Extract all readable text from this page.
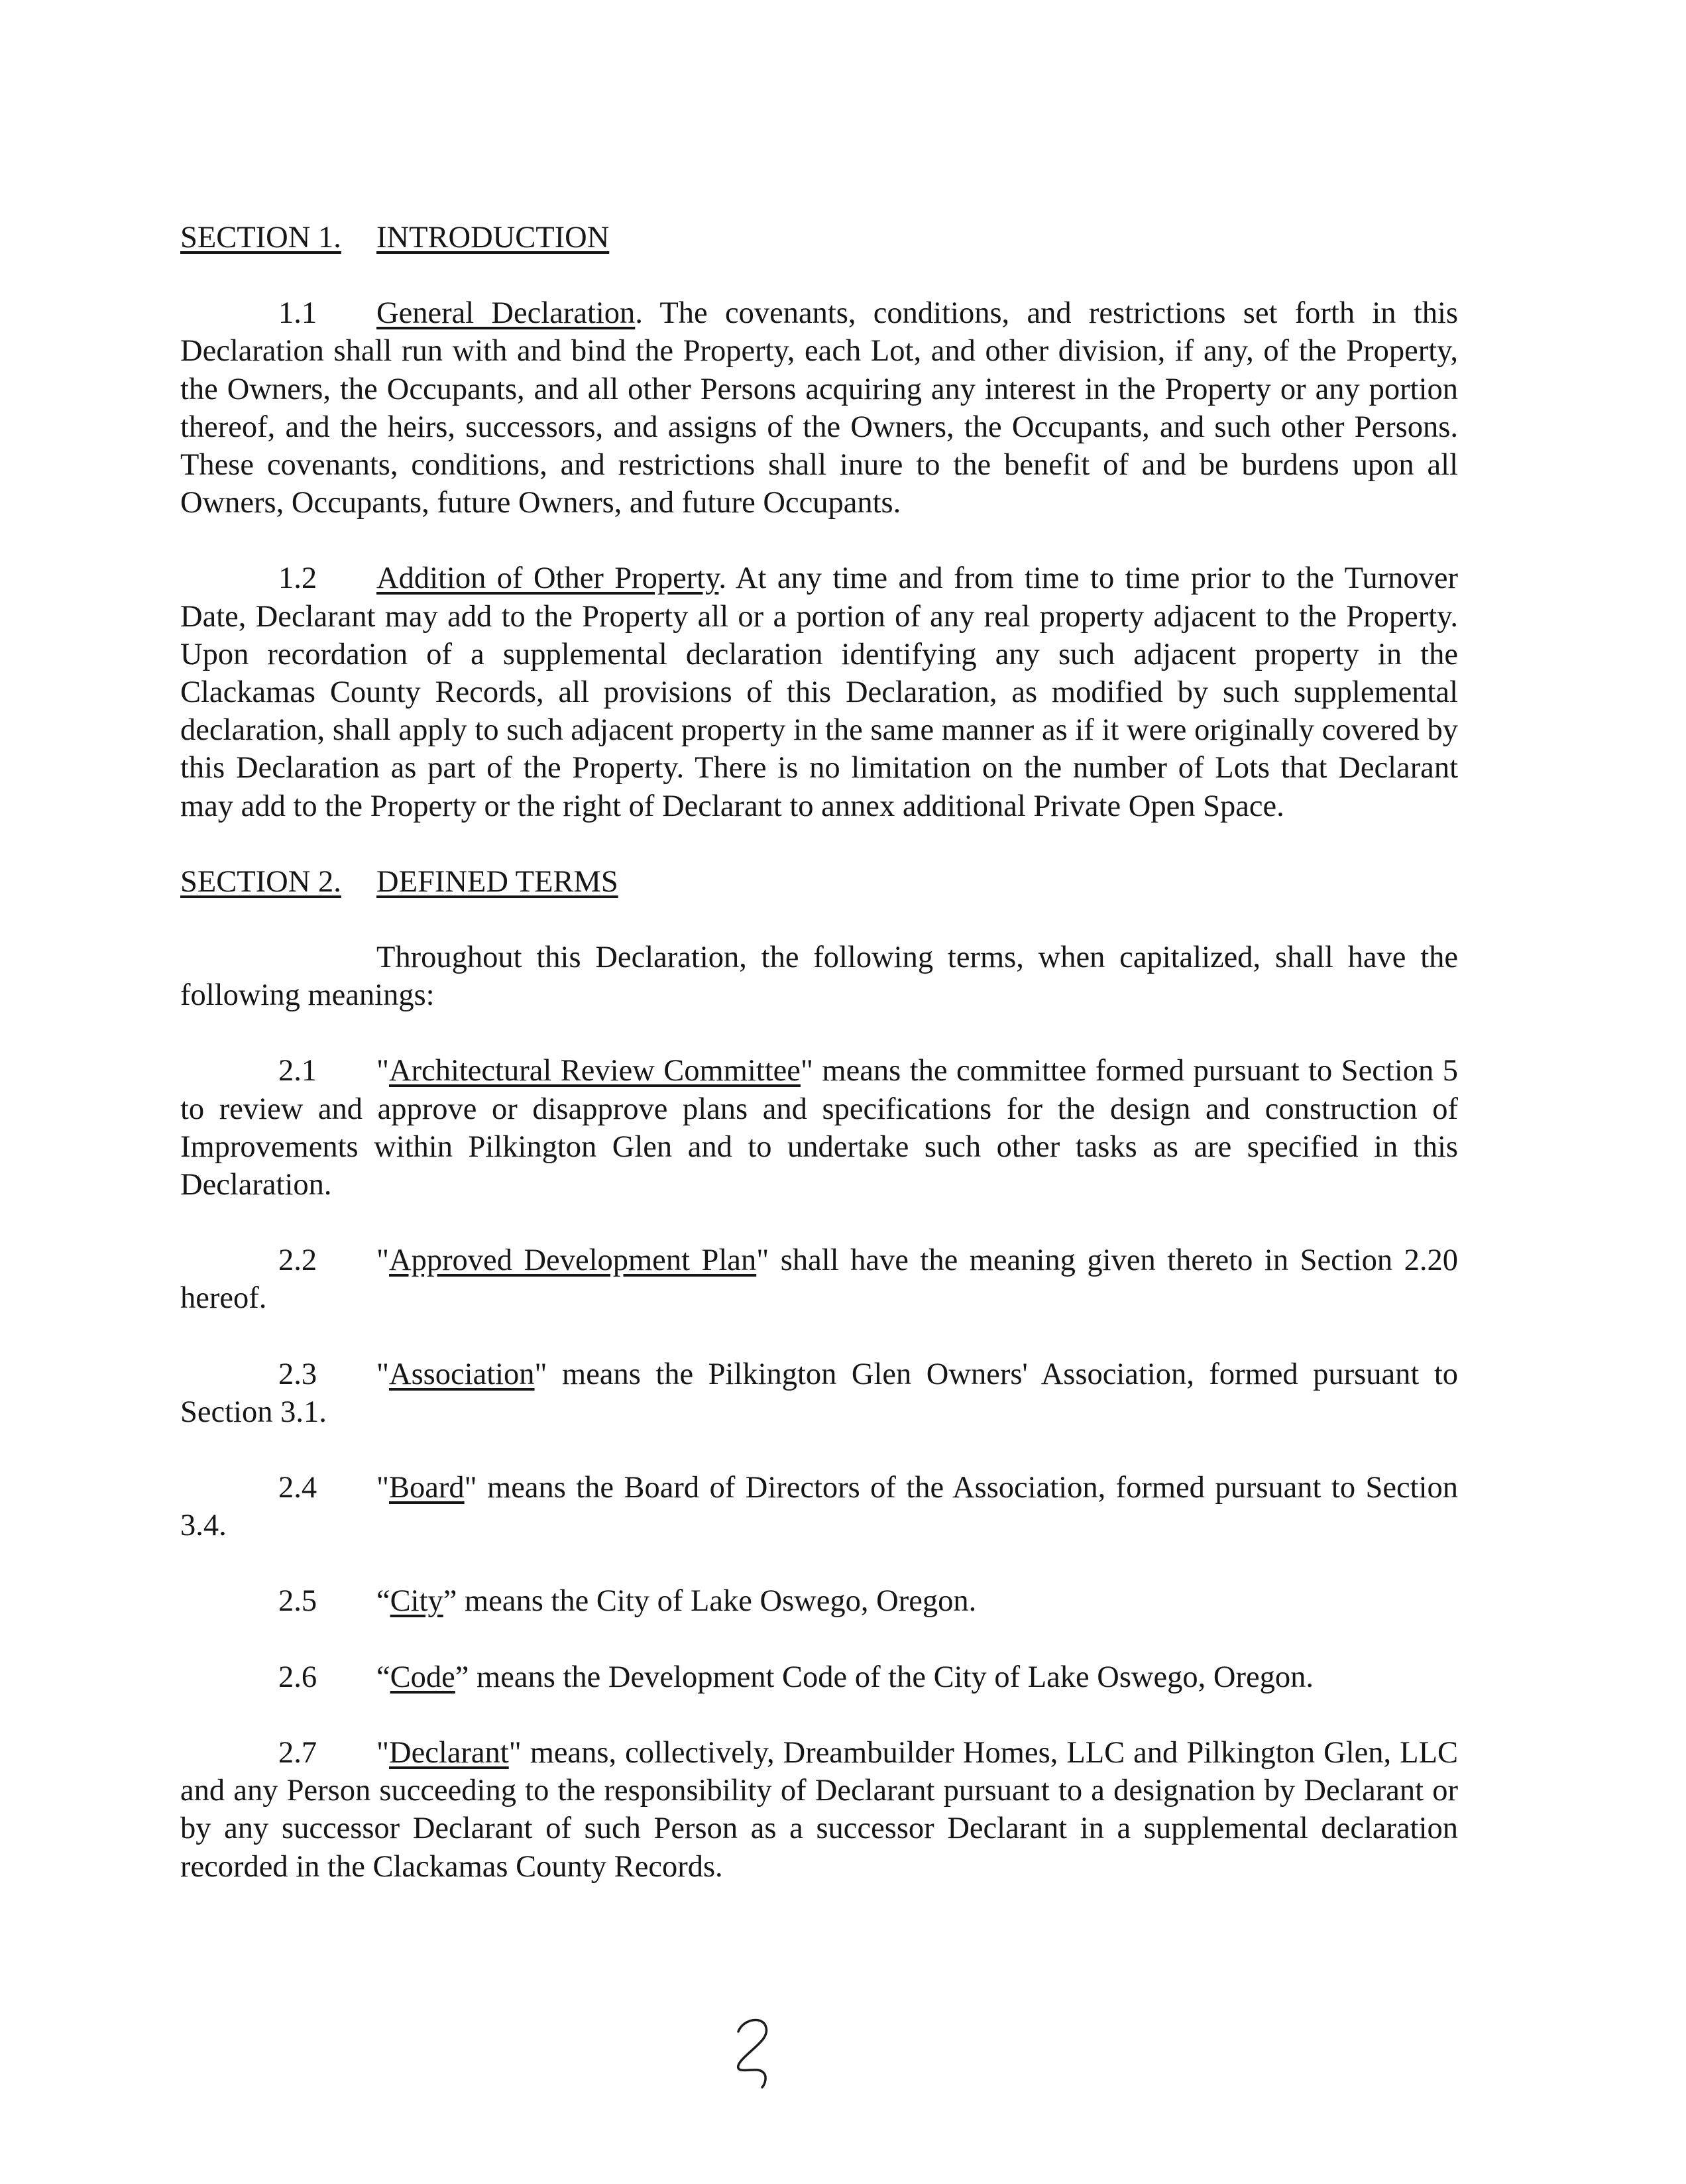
SECTION 1. INTRODUCTION

1.1 General Declaration. The covenants, conditions, and restrictions set forth in this Declaration shall run with and bind the Property, each Lot, and other division, if any, of the Property, the Owners, the Occupants, and all other Persons acquiring any interest in the Property or any portion thereof, and the heirs, successors, and assigns of the Owners, the Occupants, and such other Persons. These covenants, conditions, and restrictions shall inure to the benefit of and be burdens upon all Owners, Occupants, future Owners, and future Occupants.

1.2 Addition of Other Property. At any time and from time to time prior to the Turnover Date, Declarant may add to the Property all or a portion of any real property adjacent to the Property. Upon recordation of a supplemental declaration identifying any such adjacent property in the Clackamas County Records, all provisions of this Declaration, as modified by such supplemental declaration, shall apply to such adjacent property in the same manner as if it were originally covered by this Declaration as part of the Property. There is no limitation on the number of Lots that Declarant may add to the Property or the right of Declarant to annex additional Private Open Space.

SECTION 2. DEFINED TERMS

Throughout this Declaration, the following terms, when capitalized, shall have the following meanings:

2.1 "Architectural Review Committee" means the committee formed pursuant to Section 5 to review and approve or disapprove plans and specifications for the design and construction of Improvements within Pilkington Glen and to undertake such other tasks as are specified in this Declaration.

2.2 "Approved Development Plan" shall have the meaning given thereto in Section 2.20 hereof.

2.3 "Association" means the Pilkington Glen Owners' Association, formed pursuant to Section 3.1.

2.4 "Board" means the Board of Directors of the Association, formed pursuant to Section 3.4.

2.5 “City” means the City of Lake Oswego, Oregon.

2.6 “Code” means the Development Code of the City of Lake Oswego, Oregon.

2.7 "Declarant" means, collectively, Dreambuilder Homes, LLC and Pilkington Glen, LLC and any Person succeeding to the responsibility of Declarant pursuant to a designation by Declarant or by any successor Declarant of such Person as a successor Declarant in a supplemental declaration recorded in the Clackamas County Records.
